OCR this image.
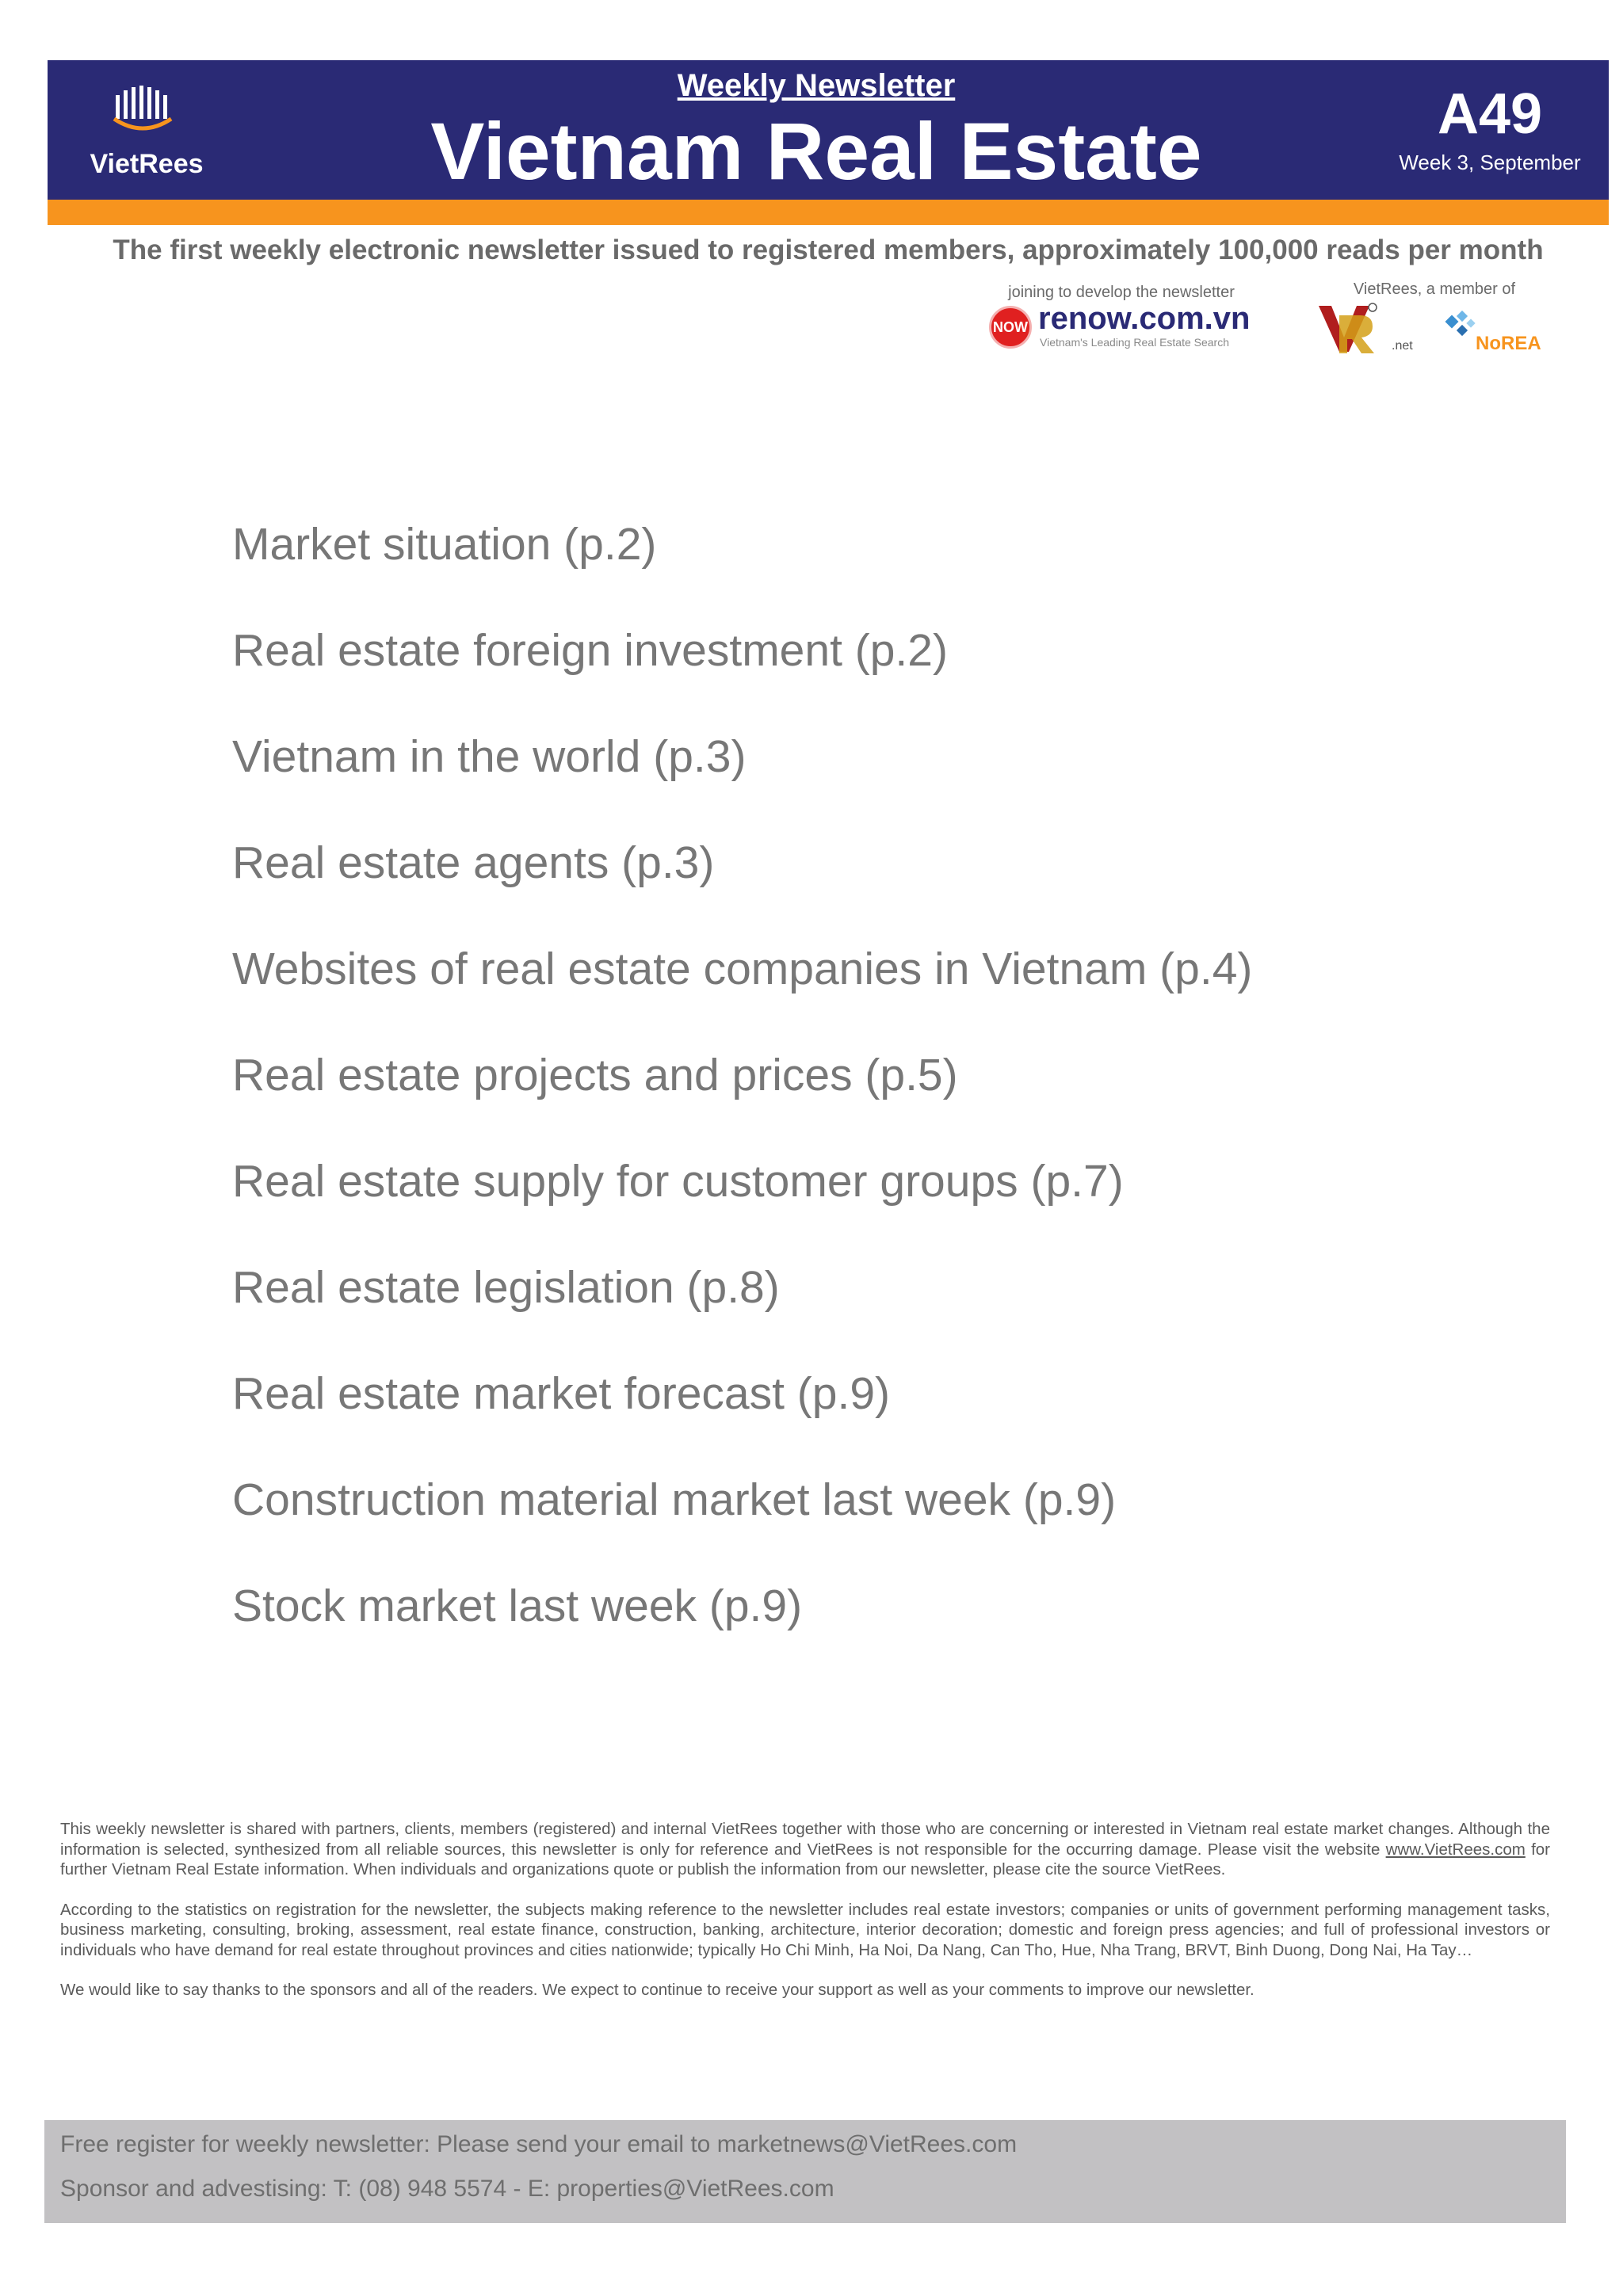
VietRees
Weekly Newsletter
Vietnam Real Estate	A49
Week 3, September
The first weekly electronic newsletter issued to registered members, approximately 100,000 reads per month
joining to develop the newsletter	VietRees, a member of
NOW renow.com.vn
Vietnam's Leading Real Estate Search	.net	NoREA
Market situation (p.2)
Real estate foreign investment (p.2)
Vietnam in the world (p.3)
Real estate agents (p.3)
Websites of real estate companies in Vietnam (p.4)
Real estate projects and prices (p.5)
Real estate supply for customer groups (p.7)
Real estate legislation (p.8)
Real estate market forecast (p.9)
Construction material market last week (p.9)
Stock market last week (p.9)

This weekly newsletter is shared with partners, clients, members (registered) and internal VietRees together with those who are concerning or interested in Vietnam real estate market changes. Although the information is selected, synthesized from all reliable sources, this newsletter is only for reference and VietRees is not responsible for the occurring damage. Please visit the website www.VietRees.com for further Vietnam Real Estate information. When individuals and organizations quote or publish the information from our newsletter, please cite the source VietRees.

According to the statistics on registration for the newsletter, the subjects making reference to the newsletter includes real estate investors; companies or units of government performing management tasks, business marketing, consulting, broking, assessment, real estate finance, construction, banking, architecture, interior decoration; domestic and foreign press agencies; and full of professional investors or individuals who have demand for real estate throughout provinces and cities nationwide; typically Ho Chi Minh, Ha Noi, Da Nang, Can Tho, Hue, Nha Trang, BRVT, Binh Duong, Dong Nai, Ha Tay…

We would like to say thanks to the sponsors and all of the readers. We expect to continue to receive your support as well as your comments to improve our newsletter.

Free register for weekly newsletter: Please send your email to marketnews@VietRees.com
Sponsor and advestising: T: (08) 948 5574 - E: properties@VietRees.com
